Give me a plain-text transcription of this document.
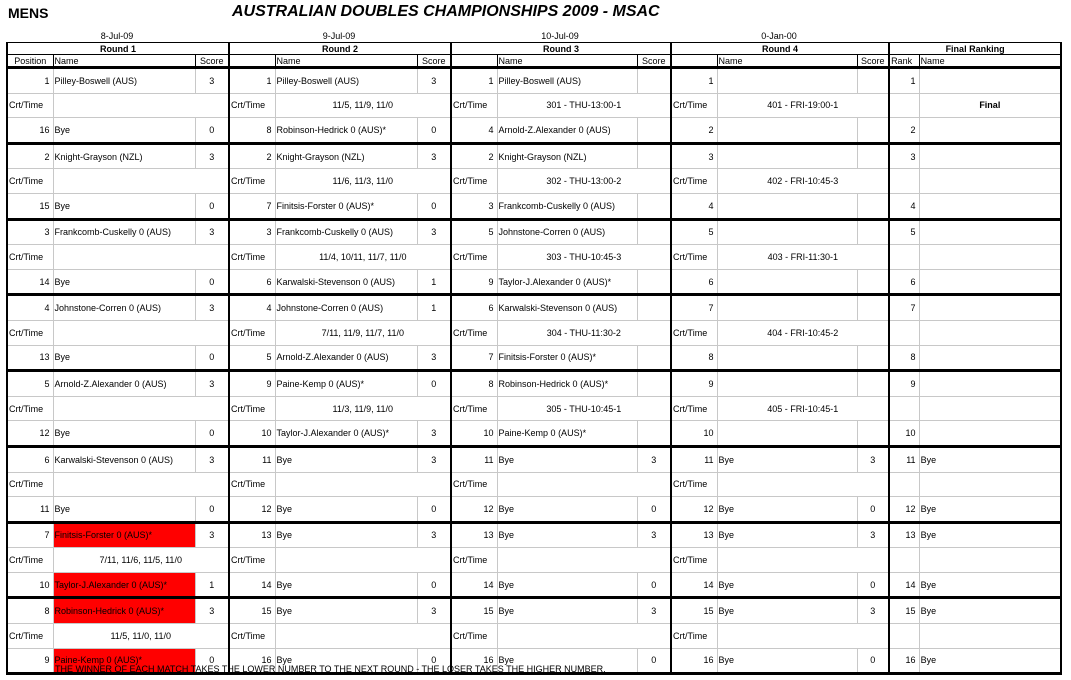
MENS	AUSTRALIAN DOUBLES CHAMPIONSHIPS 2009 - MSAC
8-Jul-09	9-Jul-09	10-Jul-09	0-Jan-00
Round 1			Round 2			Round 3			Round 4			Final Ranking	
Position	Name	Score		Name	Score		Name	Score		Name	Score	Rank	Name
1	Pilley-Boswell (AUS)	3	1	Pilley-Boswell (AUS)	3	1	Pilley-Boswell (AUS)		1			1	
Crt/Time			Crt/Time	11/5, 11/9, 11/0		Crt/Time	301 - THU-13:00-1		Crt/Time	401 - FRI-19:00-1			Final
16	Bye	0	8	Robinson-Hedrick 0 (AUS)*	0	4	Arnold-Z.Alexander 0 (AUS)		2			2	
2	Knight-Grayson (NZL)	3	2	Knight-Grayson (NZL)	3	2	Knight-Grayson (NZL)		3			3	
Crt/Time			Crt/Time	11/6, 11/3, 11/0		Crt/Time	302 - THU-13:00-2		Crt/Time	402 - FRI-10:45-3			
15	Bye	0	7	Finitsis-Forster 0 (AUS)*	0	3	Frankcomb-Cuskelly 0 (AUS)		4			4	
3	Frankcomb-Cuskelly 0 (AUS)	3	3	Frankcomb-Cuskelly 0 (AUS)	3	5	Johnstone-Corren 0 (AUS)		5			5	
Crt/Time			Crt/Time	11/4, 10/11, 11/7, 11/0		Crt/Time	303 - THU-10:45-3		Crt/Time	403 - FRI-11:30-1			
14	Bye	0	6	Karwalski-Stevenson 0 (AUS)	1	9	Taylor-J.Alexander 0 (AUS)*		6			6	
4	Johnstone-Corren 0 (AUS)	3	4	Johnstone-Corren 0 (AUS)	1	6	Karwalski-Stevenson 0 (AUS)		7			7	
Crt/Time			Crt/Time	7/11, 11/9, 11/7, 11/0		Crt/Time	304 - THU-11:30-2		Crt/Time	404 - FRI-10:45-2			
13	Bye	0	5	Arnold-Z.Alexander 0 (AUS)	3	7	Finitsis-Forster 0 (AUS)*		8			8	
5	Arnold-Z.Alexander 0 (AUS)	3	9	Paine-Kemp 0 (AUS)*	0	8	Robinson-Hedrick 0 (AUS)*		9			9	
Crt/Time			Crt/Time	11/3, 11/9, 11/0		Crt/Time	305 - THU-10:45-1		Crt/Time	405 - FRI-10:45-1			
12	Bye	0	10	Taylor-J.Alexander 0 (AUS)*	3	10	Paine-Kemp 0 (AUS)*		10			10	
6	Karwalski-Stevenson 0 (AUS)	3	11	Bye	3	11	Bye	3	11	Bye	3	11	Bye
Crt/Time			Crt/Time			Crt/Time			Crt/Time				
11	Bye	0	12	Bye	0	12	Bye	0	12	Bye	0	12	Bye
7	Finitsis-Forster 0 (AUS)*	3	13	Bye	3	13	Bye	3	13	Bye	3	13	Bye
Crt/Time	7/11, 11/6, 11/5, 11/0		Crt/Time			Crt/Time			Crt/Time				
10	Taylor-J.Alexander 0 (AUS)*	1	14	Bye	0	14	Bye	0	14	Bye	0	14	Bye
8	Robinson-Hedrick 0 (AUS)*	3	15	Bye	3	15	Bye	3	15	Bye	3	15	Bye
Crt/Time	11/5, 11/0, 11/0		Crt/Time			Crt/Time			Crt/Time				
9	Paine-Kemp 0 (AUS)*	0	16	Bye	0	16	Bye	0	16	Bye	0	16	Bye
THE WINNER OF EACH MATCH TAKES THE LOWER NUMBER TO THE NEXT ROUND - THE LOSER TAKES THE HIGHER NUMBER.
